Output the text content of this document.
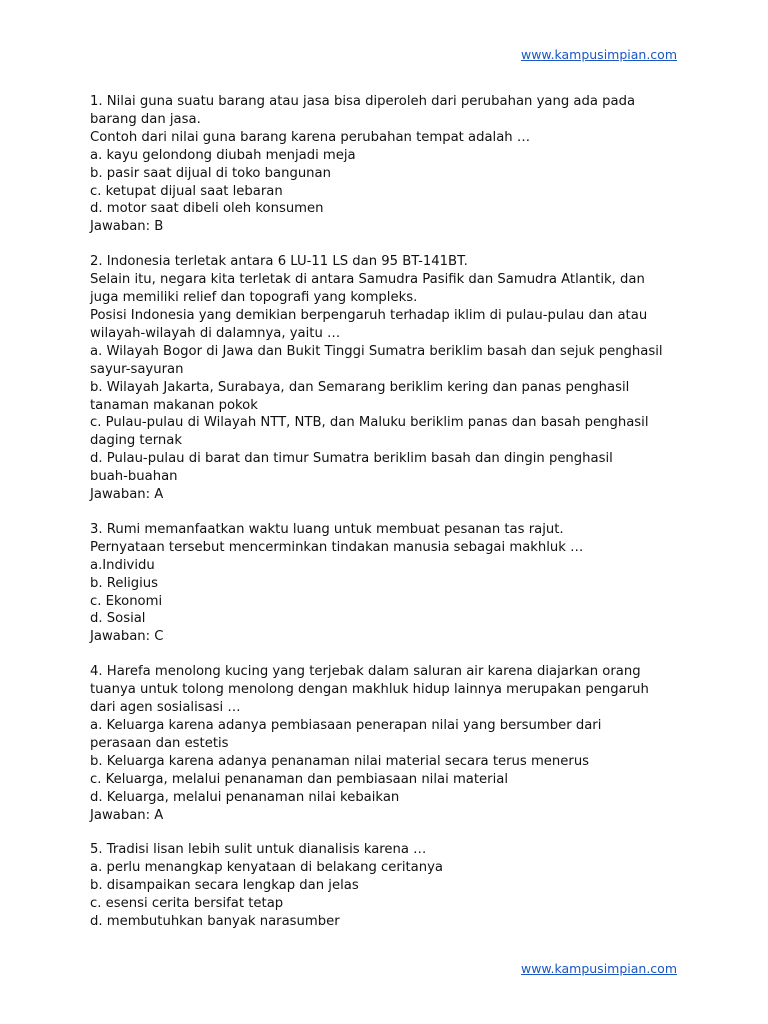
www.kampusimpian.com
1. Nilai guna suatu barang atau jasa bisa diperoleh dari perubahan yang ada pada
barang dan jasa.
Contoh dari nilai guna barang karena perubahan tempat adalah …
a. kayu gelondong diubah menjadi meja
b. pasir saat dijual di toko bangunan
c. ketupat dijual saat lebaran
d. motor saat dibeli oleh konsumen
Jawaban: B
2. Indonesia terletak antara 6 LU-11 LS dan 95 BT-141BT.
Selain itu, negara kita terletak di antara Samudra Pasifik dan Samudra Atlantik, dan
juga memiliki relief dan topografi yang kompleks.
Posisi Indonesia yang demikian berpengaruh terhadap iklim di pulau-pulau dan atau
wilayah-wilayah di dalamnya, yaitu …
a. Wilayah Bogor di Jawa dan Bukit Tinggi Sumatra beriklim basah dan sejuk penghasil
sayur-sayuran
b. Wilayah Jakarta, Surabaya, dan Semarang beriklim kering dan panas penghasil
tanaman makanan pokok
c. Pulau-pulau di Wilayah NTT, NTB, dan Maluku beriklim panas dan basah penghasil
daging ternak
d. Pulau-pulau di barat dan timur Sumatra beriklim basah dan dingin penghasil
buah-buahan
Jawaban: A
3. Rumi memanfaatkan waktu luang untuk membuat pesanan tas rajut.
Pernyataan tersebut mencerminkan tindakan manusia sebagai makhluk …
a.Individu
b. Religius
c. Ekonomi
d. Sosial
Jawaban: C
4. Harefa menolong kucing yang terjebak dalam saluran air karena diajarkan orang
tuanya untuk tolong menolong dengan makhluk hidup lainnya merupakan pengaruh
dari agen sosialisasi …
a. Keluarga karena adanya pembiasaan penerapan nilai yang bersumber dari
perasaan dan estetis
b. Keluarga karena adanya penanaman nilai material secara terus menerus
c. Keluarga, melalui penanaman dan pembiasaan nilai material
d. Keluarga, melalui penanaman nilai kebaikan
Jawaban: A
5. Tradisi lisan lebih sulit untuk dianalisis karena …
a. perlu menangkap kenyataan di belakang ceritanya
b. disampaikan secara lengkap dan jelas
c. esensi cerita bersifat tetap
d. membutuhkan banyak narasumber
www.kampusimpian.com
